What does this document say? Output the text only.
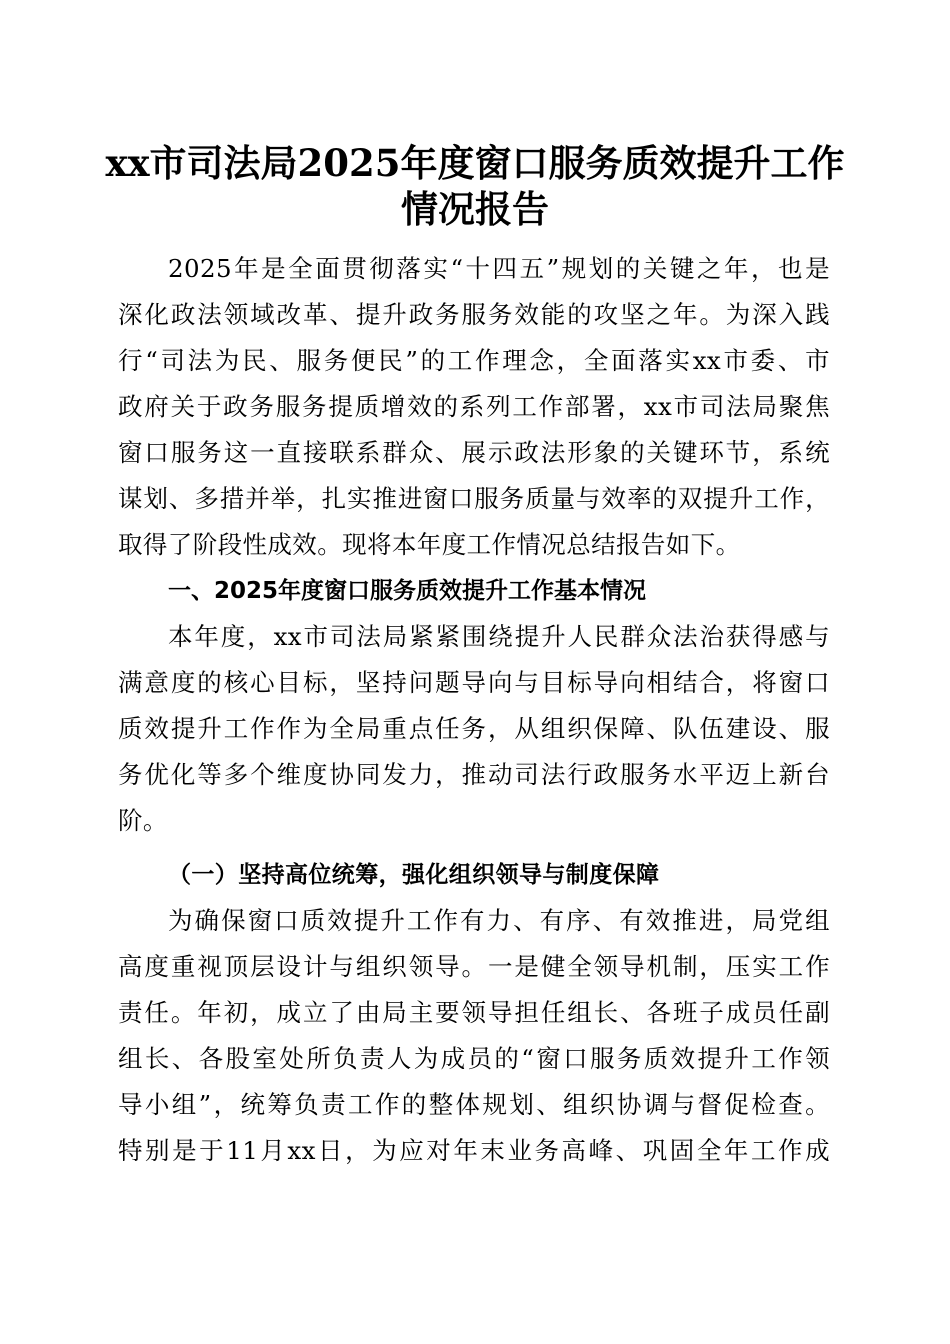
xx市司法局2025年度窗口服务质效提升工作
情况报告

2025年是全面贯彻落实“十四五”规划的关键之年，也是

深化政法领域改革、提升政务服务效能的攻坚之年。为深入践

行“司法为民、服务便民”的工作理念，全面落实xx市委、市

政府关于政务服务提质增效的系列工作部署，xx市司法局聚焦

窗口服务这一直接联系群众、展示政法形象的关键环节，系统

谋划、多措并举，扎实推进窗口服务质量与效率的双提升工作，

取得了阶段性成效。现将本年度工作情况总结报告如下。

一、2025年度窗口服务质效提升工作基本情况

本年度，xx市司法局紧紧围绕提升人民群众法治获得感与

满意度的核心目标，坚持问题导向与目标导向相结合，将窗口

质效提升工作作为全局重点任务，从组织保障、队伍建设、服

务优化等多个维度协同发力，推动司法行政服务水平迈上新台

阶。

（一）坚持高位统筹，强化组织领导与制度保障

为确保窗口质效提升工作有力、有序、有效推进，局党组

高度重视顶层设计与组织领导。一是健全领导机制，压实工作

责任。年初，成立了由局主要领导担任组长、各班子成员任副

组长、各股室处所负责人为成员的“窗口服务质效提升工作领

导小组”，统筹负责工作的整体规划、组织协调与督促检查。

特别是于11月xx日，为应对年末业务高峰、巩固全年工作成
